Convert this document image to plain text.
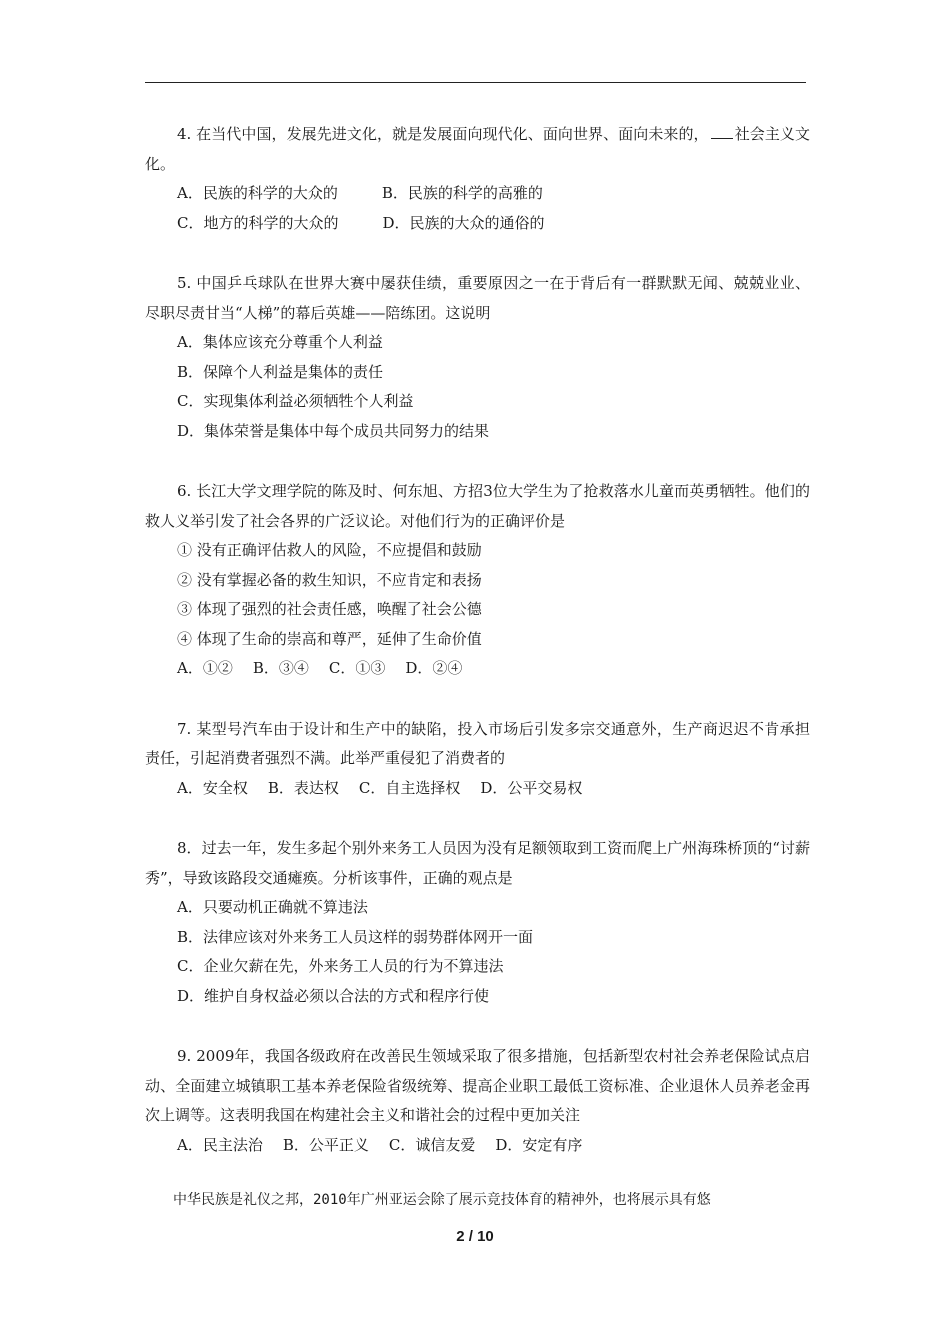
4. 在当代中国，发展先进文化，就是发展面向现代化、面向世界、面向未来的， 社会主义文化。
A．民族的科学的大众的	B．民族的科学的高雅的
C．地方的科学的大众的	D．民族的大众的通俗的
5. 中国乒乓球队在世界大赛中屡获佳绩，重要原因之一在于背后有一群默默无闻、兢兢业业、尽职尽责甘当“人梯”的幕后英雄——陪练团。这说明
A．集体应该充分尊重个人利益
B．保障个人利益是集体的责任
C．实现集体利益必须牺牲个人利益
D．集体荣誉是集体中每个成员共同努力的结果
6. 长江大学文理学院的陈及时、何东旭、方招3位大学生为了抢救落水儿童而英勇牺牲。他们的救人义举引发了社会各界的广泛议论。对他们行为的正确评价是
① 没有正确评估救人的风险，不应提倡和鼓励
② 没有掌握必备的救生知识，不应肯定和表扬
③ 体现了强烈的社会责任感，唤醒了社会公德
④ 体现了生命的崇高和尊严，延伸了生命价值
A．①② B．③④ C．①③ D．②④
7. 某型号汽车由于设计和生产中的缺陷，投入市场后引发多宗交通意外，生产商迟迟不肯承担责任，引起消费者强烈不满。此举严重侵犯了消费者的
A．安全权 B．表达权 C．自主选择权 D．公平交易权
8．过去一年，发生多起个别外来务工人员因为没有足额领取到工资而爬上广州海珠桥顶的“讨薪秀”，导致该路段交通瘫痪。分析该事件，正确的观点是
A．只要动机正确就不算违法
B．法律应该对外来务工人员这样的弱势群体网开一面
C．企业欠薪在先，外来务工人员的行为不算违法
D．维护自身权益必须以合法的方式和程序行使
9. 2009年，我国各级政府在改善民生领域采取了很多措施，包括新型农村社会养老保险试点启动、全面建立城镇职工基本养老保险省级统筹、提高企业职工最低工资标准、企业退休人员养老金再次上调等。这表明我国在构建社会主义和谐社会的过程中更加关注
A．民主法治 B．公平正义 C．诚信友爱 D．安定有序
中华民族是礼仪之邦，2010年广州亚运会除了展示竞技体育的精神外，也将展示具有悠
2 / 10
